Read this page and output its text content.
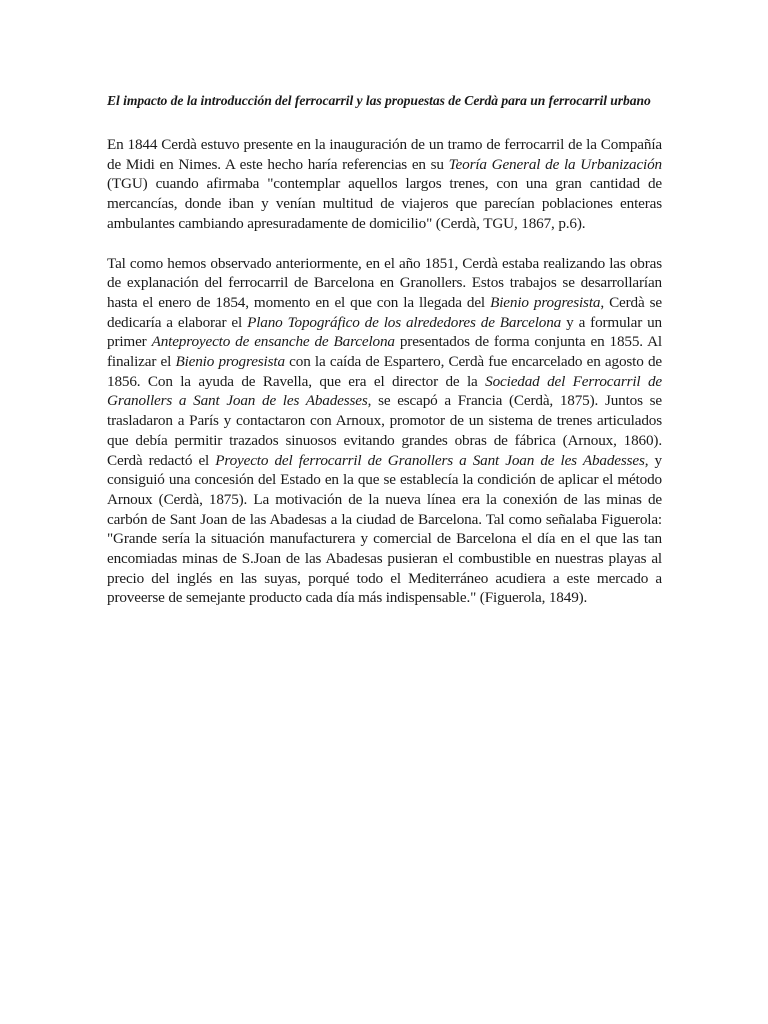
El impacto de la introducción del ferrocarril y las propuestas de Cerdà para un ferrocarril urbano

En 1844 Cerdà estuvo presente en la inauguración de un tramo de ferrocarril de la Compañía de Midi en Nimes. A este hecho haría referencias en su Teoría General de la Urbanización (TGU) cuando afirmaba "contemplar aquellos largos trenes, con una gran cantidad de mercancías, donde iban y venían multitud de viajeros que parecían poblaciones enteras ambulantes cambiando apresuradamente de domicilio" (Cerdà, TGU, 1867, p.6).

Tal como hemos observado anteriormente, en el año 1851, Cerdà estaba realizando las obras de explanación del ferrocarril de Barcelona en Granollers. Estos trabajos se desarrollarían hasta el enero de 1854, momento en el que con la llegada del Bienio progresista, Cerdà se dedicaría a elaborar el Plano Topográfico de los alrededores de Barcelona y a formular un primer Anteproyecto de ensanche de Barcelona presentados de forma conjunta en 1855. Al finalizar el Bienio progresista con la caída de Espartero, Cerdà fue encarcelado en agosto de 1856. Con la ayuda de Ravella, que era el director de la Sociedad del Ferrocarril de Granollers a Sant Joan de les Abadesses, se escapó a Francia (Cerdà, 1875). Juntos se trasladaron a París y contactaron con Arnoux, promotor de un sistema de trenes articulados que debía permitir trazados sinuosos evitando grandes obras de fábrica (Arnoux, 1860). Cerdà redactó el Proyecto del ferrocarril de Granollers a Sant Joan de les Abadesses, y consiguió una concesión del Estado en la que se establecía la condición de aplicar el método Arnoux (Cerdà, 1875). La motivación de la nueva línea era la conexión de las minas de carbón de Sant Joan de las Abadesas a la ciudad de Barcelona. Tal como señalaba Figuerola: "Grande sería la situación manufacturera y comercial de Barcelona el día en el que las tan encomiadas minas de S.Joan de las Abadesas pusieran el combustible en nuestras playas al precio del inglés en las suyas, porqué todo el Mediterráneo acudiera a este mercado a proveerse de semejante producto cada día más indispensable." (Figuerola, 1849).
